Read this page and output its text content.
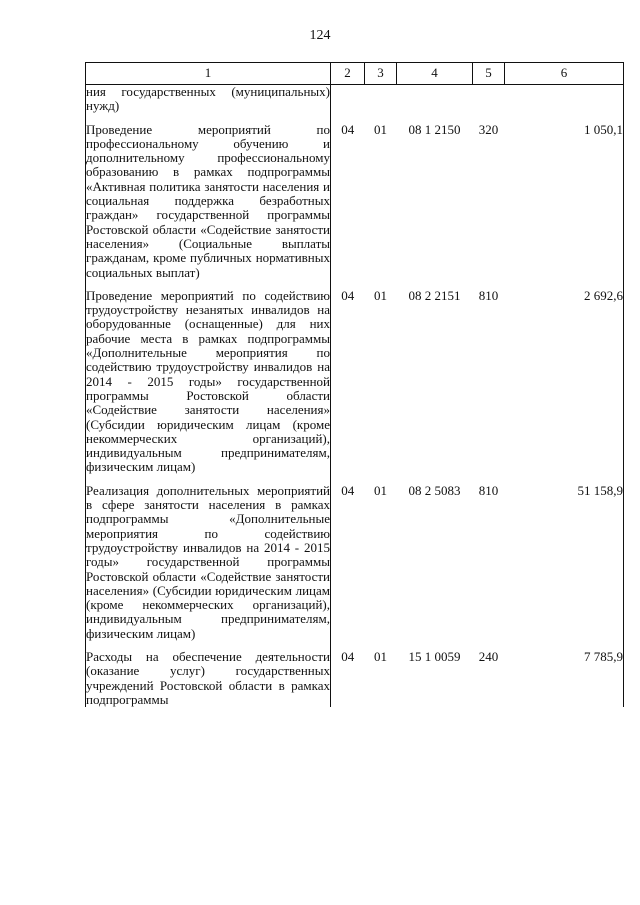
124
1	2	3	4	5	6
ния государственных (муниципальных) нужд)					

Проведение мероприятий по профессиональному обучению и дополнительному профессиональному образованию в рамках подпрограммы «Активная политика занятости населения и социальная поддержка безработных граждан» государственной программы Ростовской области «Содействие занятости населения» (Социальные выплаты гражданам, кроме публичных нормативных социальных выплат)	04	01	08 1 2150	320	1 050,1

Проведение мероприятий по содействию трудоустройству незанятых инвалидов на оборудованные (оснащенные) для них рабочие места в рамках подпрограммы «Дополнительные мероприятия по содействию трудоустройству инвалидов на 2014 - 2015 годы» государственной программы Ростовской области «Содействие занятости населения» (Субсидии юридическим лицам (кроме некоммерческих организаций), индивидуальным предпринимателям, физическим лицам)	04	01	08 2 2151	810	2 692,6

Реализация дополнительных мероприятий в сфере занятости населения в рамках подпрограммы «Дополнительные мероприятия по содействию трудоустройству инвалидов на 2014 - 2015 годы» государственной программы Ростовской области «Содействие занятости населения» (Субсидии юридическим лицам (кроме некоммерческих организаций), индивидуальным предпринимателям, физическим лицам)	04	01	08 2 5083	810	51 158,9

Расходы на обеспечение деятельности (оказание услуг) государственных учреждений Ростовской области в рамках подпрограммы	04	01	15 1 0059	240	7 785,9
